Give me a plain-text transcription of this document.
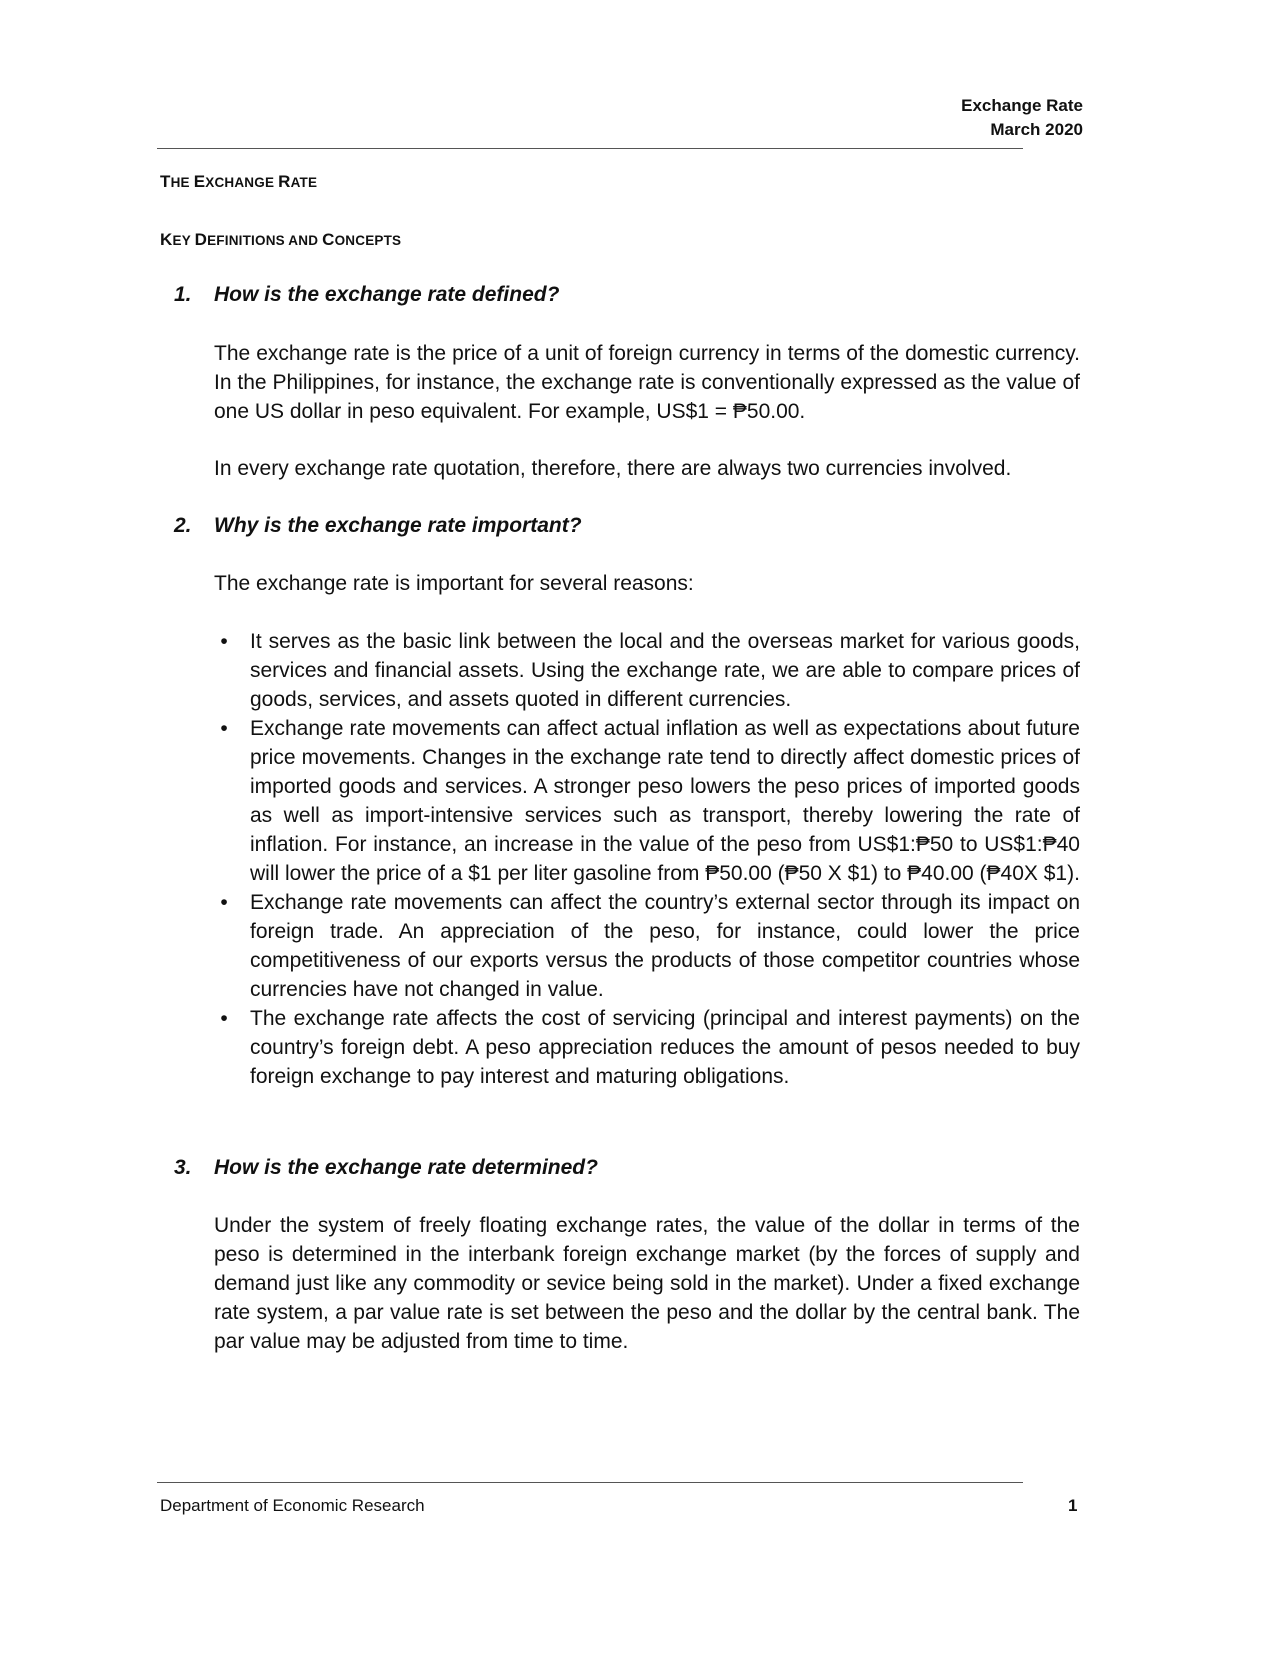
Exchange Rate
March 2020
THE EXCHANGE RATE
KEY DEFINITIONS AND CONCEPTS
1. How is the exchange rate defined?
The exchange rate is the price of a unit of foreign currency in terms of the domestic currency. In the Philippines, for instance, the exchange rate is conventionally expressed as the value of one US dollar in peso equivalent. For example, US$1 = ₱50.00.
In every exchange rate quotation, therefore, there are always two currencies involved.
2. Why is the exchange rate important?
The exchange rate is important for several reasons:
•	It serves as the basic link between the local and the overseas market for various goods, services and financial assets. Using the exchange rate, we are able to compare prices of goods, services, and assets quoted in different currencies.
•	Exchange rate movements can affect actual inflation as well as expectations about future price movements. Changes in the exchange rate tend to directly affect domestic prices of imported goods and services. A stronger peso lowers the peso prices of imported goods as well as import-intensive services such as transport, thereby lowering the rate of inflation. For instance, an increase in the value of the peso from US$1:₱50 to US$1:₱40 will lower the price of a $1 per liter gasoline from ₱50.00 (₱50 X $1) to ₱40.00 (₱40X $1).
•	Exchange rate movements can affect the country’s external sector through its impact on foreign trade. An appreciation of the peso, for instance, could lower the price competitiveness of our exports versus the products of those competitor countries whose currencies have not changed in value.
•	The exchange rate affects the cost of servicing (principal and interest payments) on the country’s foreign debt. A peso appreciation reduces the amount of pesos needed to buy foreign exchange to pay interest and maturing obligations.
3. How is the exchange rate determined?
Under the system of freely floating exchange rates, the value of the dollar in terms of the peso is determined in the interbank foreign exchange market (by the forces of supply and demand just like any commodity or sevice being sold in the market). Under a fixed exchange rate system, a par value rate is set between the peso and the dollar by the central bank. The par value may be adjusted from time to time.
Department of Economic Research	1
